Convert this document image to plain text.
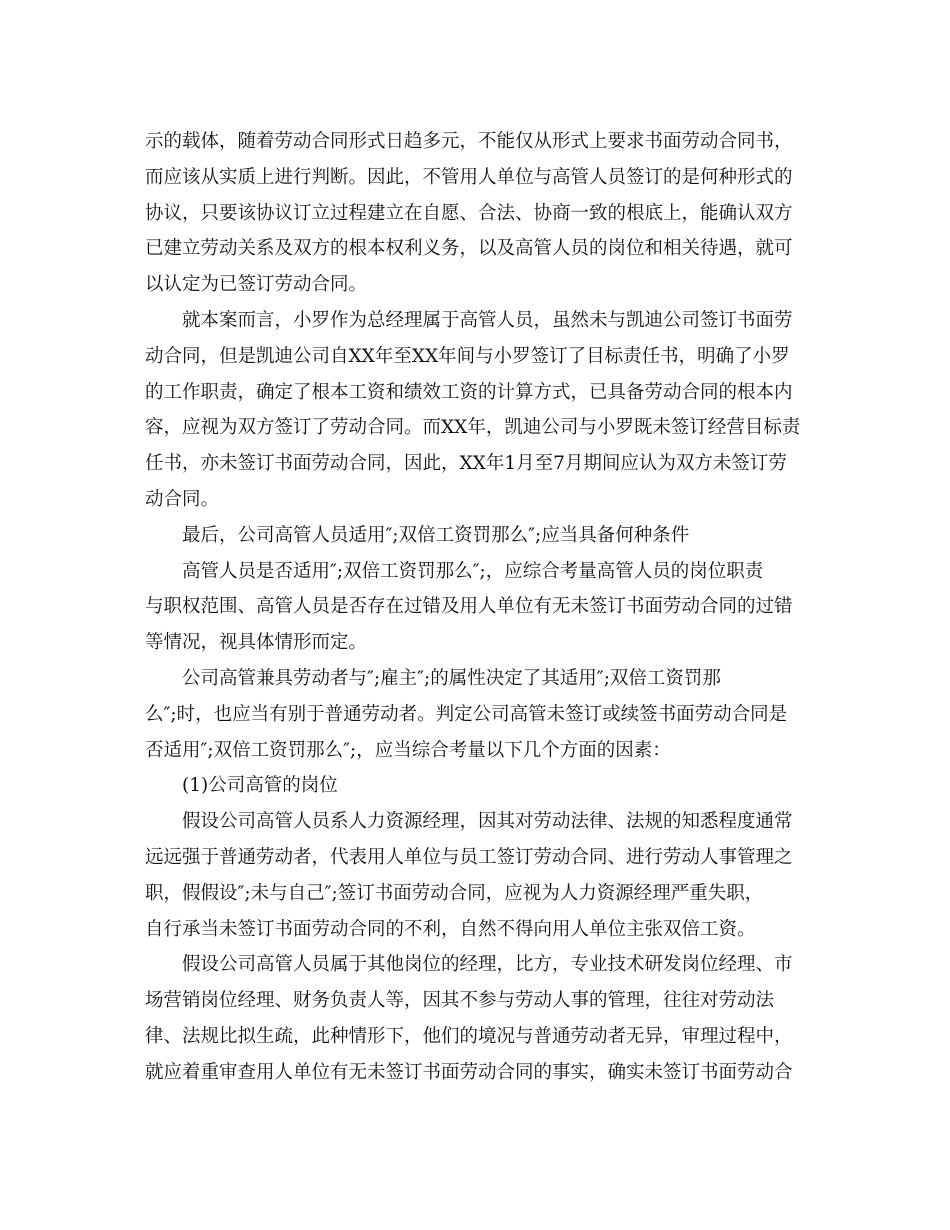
示的载体，随着劳动合同形式日趋多元，不能仅从形式上要求书面劳动合同书，
而应该从实质上进行判断。因此，不管用人单位与高管人员签订的是何种形式的
协议，只要该协议订立过程建立在自愿、合法、协商一致的根底上，能确认双方
已建立劳动关系及双方的根本权利义务，以及高管人员的岗位和相关待遇，就可
以认定为已签订劳动合同。
就本案而言，小罗作为总经理属于高管人员，虽然未与凯迪公司签订书面劳
动合同，但是凯迪公司自XX年至XX年间与小罗签订了目标责任书，明确了小罗
的工作职责，确定了根本工资和绩效工资的计算方式，已具备劳动合同的根本内
容，应视为双方签订了劳动合同。而XX年，凯迪公司与小罗既未签订经营目标责
任书，亦未签订书面劳动合同，因此，XX年1月至7月期间应认为双方未签订劳
动合同。
最后，公司高管人员适用″;双倍工资罚那么″;应当具备何种条件
高管人员是否适用″;双倍工资罚那么″;，应综合考量高管人员的岗位职责
与职权范围、高管人员是否存在过错及用人单位有无未签订书面劳动合同的过错
等情况，视具体情形而定。
公司高管兼具劳动者与″;雇主″;的属性决定了其适用″;双倍工资罚那
么″;时，也应当有别于普通劳动者。判定公司高管未签订或续签书面劳动合同是
否适用″;双倍工资罚那么″;，应当综合考量以下几个方面的因素：
(1)公司高管的岗位
假设公司高管人员系人力资源经理，因其对劳动法律、法规的知悉程度通常
远远强于普通劳动者，代表用人单位与员工签订劳动合同、进行劳动人事管理之
职，假假设″;未与自己″;签订书面劳动合同，应视为人力资源经理严重失职，
自行承当未签订书面劳动合同的不利，自然不得向用人单位主张双倍工资。
假设公司高管人员属于其他岗位的经理，比方，专业技术研发岗位经理、市
场营销岗位经理、财务负责人等，因其不参与劳动人事的管理，往往对劳动法
律、法规比拟生疏，此种情形下，他们的境况与普通劳动者无异，审理过程中，
就应着重审查用人单位有无未签订书面劳动合同的事实，确实未签订书面劳动合
